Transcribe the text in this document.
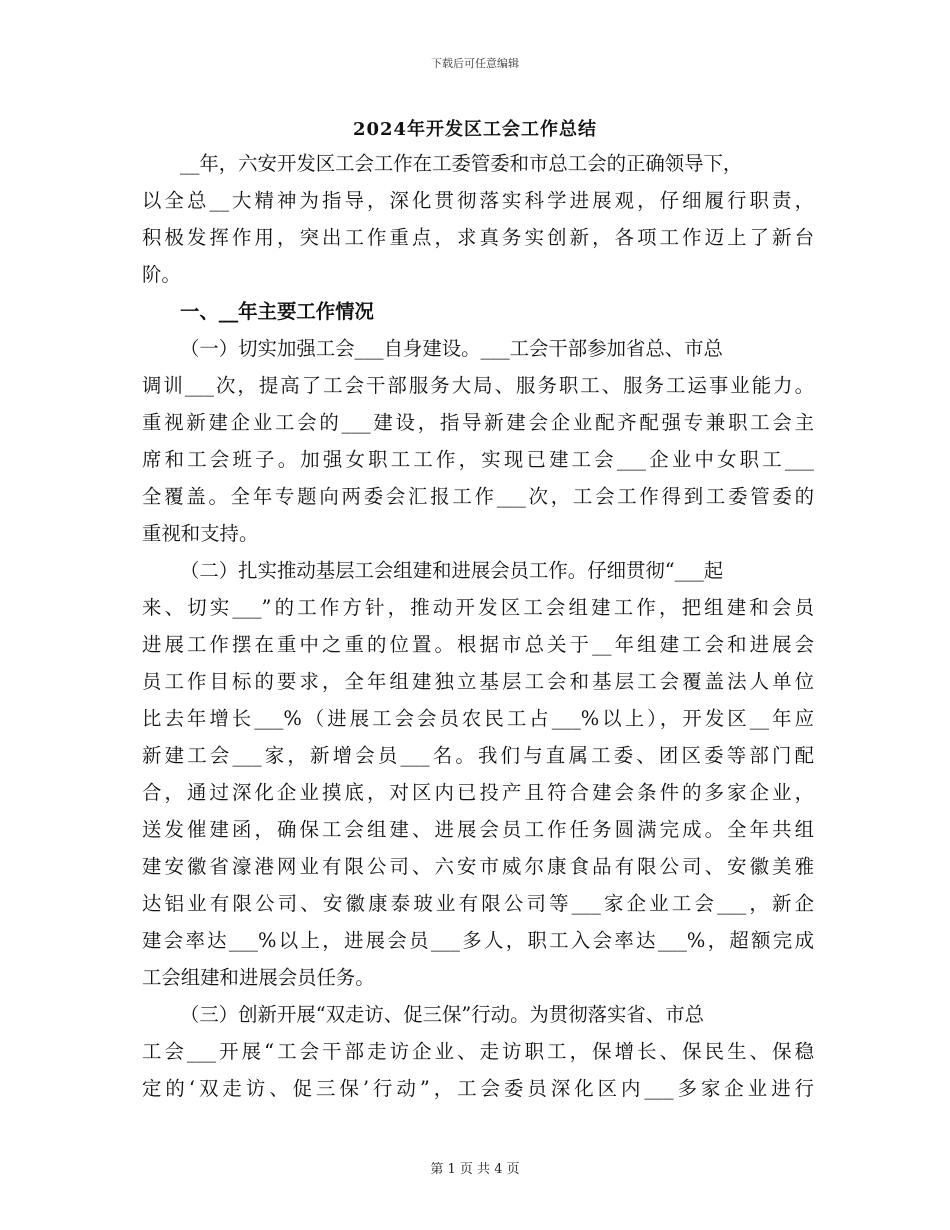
下载后可任意编辑
2024年开发区工会工作总结
__年，六安开发区工会工作在工委管委和市总工会的正确领导下，
以全总__大精神为指导，深化贯彻落实科学进展观，仔细履行职责，
积极发挥作用，突出工作重点，求真务实创新，各项工作迈上了新台
阶。
一、__年主要工作情况
（一）切实加强工会___自身建设。___工会干部参加省总、市总
调训___次，提高了工会干部服务大局、服务职工、服务工运事业能力。
重视新建企业工会的___建设，指导新建会企业配齐配强专兼职工会主
席和工会班子。加强女职工工作，实现已建工会___企业中女职工___
全覆盖。全年专题向两委会汇报工作___次，工会工作得到工委管委的
重视和支持。
（二）扎实推动基层工会组建和进展会员工作。仔细贯彻“___起
来、切实___”的工作方针，推动开发区工会组建工作，把组建和会员
进展工作摆在重中之重的位置。根据市总关于__年组建工会和进展会
员工作目标的要求，全年组建独立基层工会和基层工会覆盖法人单位
比去年增长___%（进展工会会员农民工占___%以上），开发区__年应
新建工会___家，新增会员___名。我们与直属工委、团区委等部门配
合，通过深化企业摸底，对区内已投产且符合建会条件的多家企业，
送发催建函，确保工会组建、进展会员工作任务圆满完成。全年共组
建安徽省濠港网业有限公司、六安市威尔康食品有限公司、安徽美雅
达铝业有限公司、安徽康泰玻业有限公司等___家企业工会___，新企
建会率达___%以上，进展会员___多人，职工入会率达___%，超额完成
工会组建和进展会员任务。
（三）创新开展“双走访、促三保”行动。为贯彻落实省、市总
工会___开展“工会干部走访企业、走访职工，保增长、保民生、保稳
定的‘双走访、促三保’行动”，工会委员深化区内___多家企业进行
第 1 页 共 4 页
